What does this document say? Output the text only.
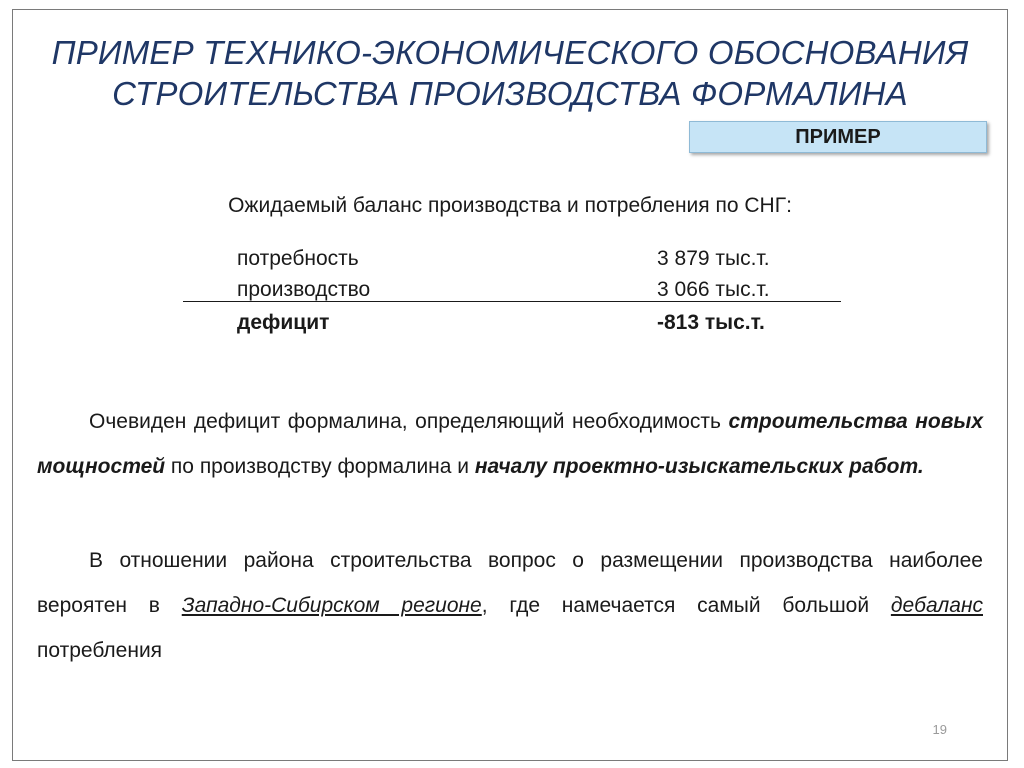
ПРИМЕР ТЕХНИКО-ЭКОНОМИЧЕСКОГО ОБОСНОВАНИЯ
СТРОИТЕЛЬСТВА ПРОИЗВОДСТВА ФОРМАЛИНА
ПРИМЕР
Ожидаемый баланс производства и потребления по СНГ:
потребность	3 879 тыс.т.
производство	3 066 тыс.т.
дефицит	-813 тыс.т.
Очевиден дефицит формалина, определяющий необходимость строительства новых мощностей по производству формалина и началу проектно-изыскательских работ.
В отношении района строительства вопрос о размещении производства наиболее вероятен в Западно-Сибирском регионе, где намечается самый большой дебаланс потребления
19
